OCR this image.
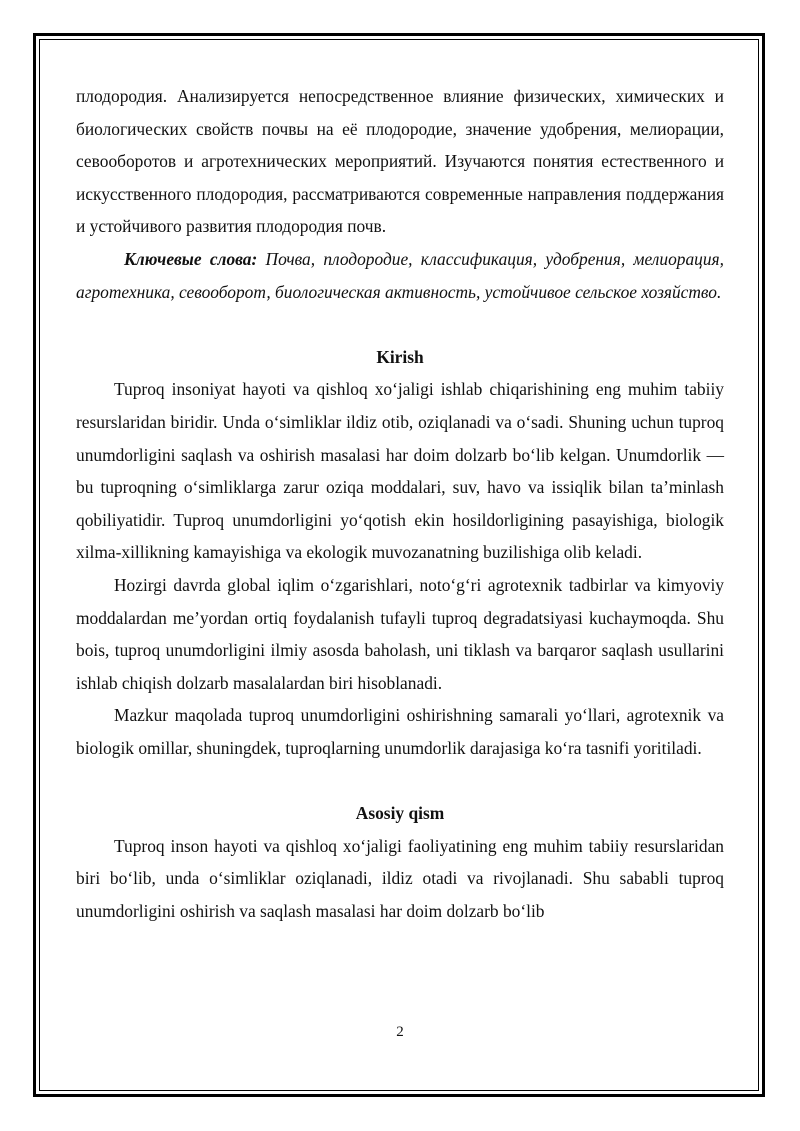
плодородия. Анализируется непосредственное влияние физических, химических и биологических свойств почвы на её плодородие, значение удобрения, мелиорации, севооборотов и агротехнических мероприятий. Изучаются понятия естественного и искусственного плодородия, рассматриваются современные направления поддержания и устойчивого развития плодородия почв.

Ключевые слова: Почва, плодородие, классификация, удобрения, мелиорация, агротехника, севооборот, биологическая активность, устойчивое сельское хозяйство.

Kirish

Tuproq insoniyat hayoti va qishloq xo‘jaligi ishlab chiqarishining eng muhim tabiiy resurslaridan biridir. Unda o‘simliklar ildiz otib, oziqlanadi va o‘sadi. Shuning uchun tuproq unumdorligini saqlash va oshirish masalasi har doim dolzarb bo‘lib kelgan. Unumdorlik — bu tuproqning o‘simliklarga zarur oziqa moddalari, suv, havo va issiqlik bilan ta’minlash qobiliyatidir. Tuproq unumdorligini yo‘qotish ekin hosildorligining pasayishiga, biologik xilma-xillikning kamayishiga va ekologik muvozanatning buzilishiga olib keladi.

Hozirgi davrda global iqlim o‘zgarishlari, noto‘g‘ri agrotexnik tadbirlar va kimyoviy moddalardan me’yordan ortiq foydalanish tufayli tuproq degradatsiyasi kuchaymoqda. Shu bois, tuproq unumdorligini ilmiy asosda baholash, uni tiklash va barqaror saqlash usullarini ishlab chiqish dolzarb masalalardan biri hisoblanadi.

Mazkur maqolada tuproq unumdorligini oshirishning samarali yo‘llari, agrotexnik va biologik omillar, shuningdek, tuproqlarning unumdorlik darajasiga ko‘ra tasnifi yoritiladi.

Asosiy qism

Tuproq inson hayoti va qishloq xo‘jaligi faoliyatining eng muhim tabiiy resurslaridan biri bo‘lib, unda o‘simliklar oziqlanadi, ildiz otadi va rivojlanadi. Shu sababli tuproq unumdorligini oshirish va saqlash masalasi har doim dolzarb bo‘lib

2
